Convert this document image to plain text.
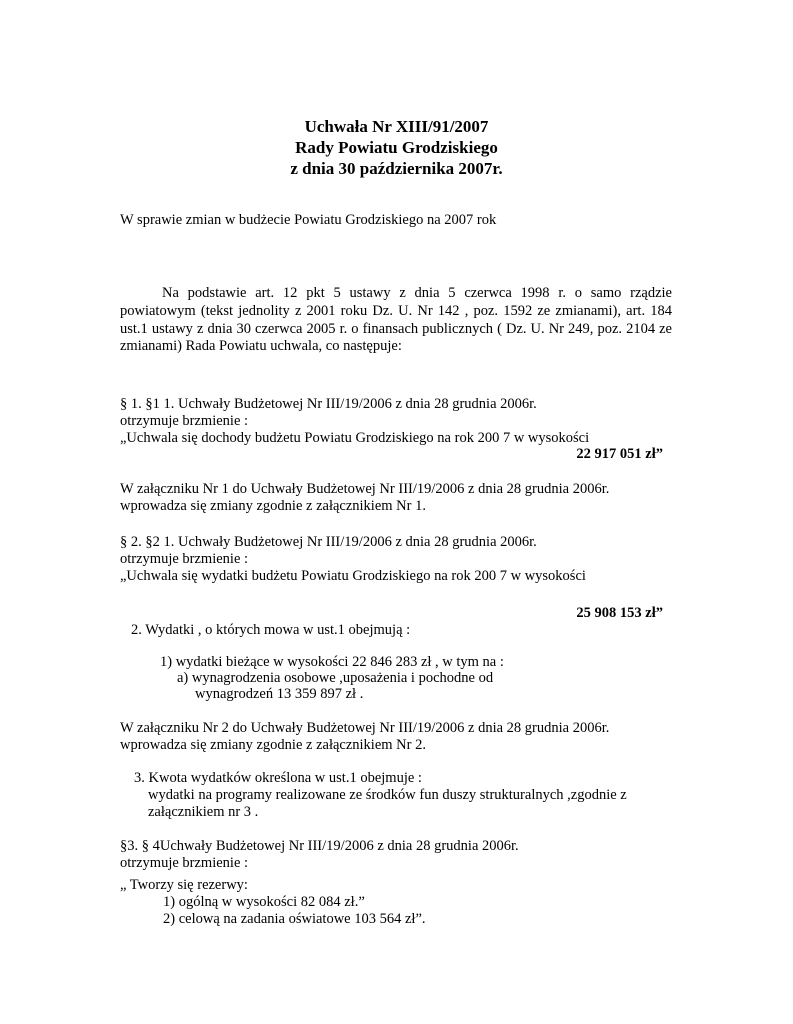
Uchwała Nr XIII/91/2007
Rady Powiatu Grodziskiego
z dnia 30 października 2007r.
W sprawie zmian w budżecie Powiatu Grodziskiego na 2007 rok
Na podstawie art. 12 pkt 5 ustawy z dnia 5 czerwca 1998 r. o samo rządzie
powiatowym (tekst jednolity z 2001 roku Dz. U. Nr 142 , poz. 1592 ze zmianami), art. 184
ust.1 ustawy z dnia 30 czerwca 2005 r. o finansach publicznych ( Dz. U. Nr 249, poz. 2104 ze
zmianami) Rada Powiatu uchwala, co następuje:
§ 1. §1 1. Uchwały Budżetowej Nr III/19/2006 z dnia 28 grudnia 2006r.
otrzymuje brzmienie :
„Uchwala się dochody budżetu Powiatu Grodziskiego na rok 200 7 w wysokości
22 917 051 zł”
W załączniku Nr 1 do Uchwały Budżetowej Nr III/19/2006 z dnia 28 grudnia 2006r.
wprowadza się zmiany zgodnie z załącznikiem Nr 1.
§ 2. §2 1. Uchwały Budżetowej Nr III/19/2006 z dnia 28 grudnia 2006r.
otrzymuje brzmienie :
„Uchwala się wydatki budżetu Powiatu Grodziskiego na rok 200 7 w wysokości
25 908 153 zł”
2. Wydatki , o których mowa w ust.1 obejmują :
1) wydatki bieżące w wysokości 22 846 283 zł , w tym na :
a) wynagrodzenia osobowe ,uposażenia i pochodne od
wynagrodzeń 13 359 897 zł .
W załączniku Nr 2 do Uchwały Budżetowej Nr III/19/2006 z dnia 28 grudnia 2006r.
wprowadza się zmiany zgodnie z załącznikiem Nr 2.
3. Kwota wydatków określona w ust.1 obejmuje :
wydatki na programy realizowane ze środków fun duszy strukturalnych ,zgodnie z
załącznikiem nr 3 .
§3. § 4Uchwały Budżetowej Nr III/19/2006 z dnia 28 grudnia 2006r.
otrzymuje brzmienie :
„ Tworzy się rezerwy:
1) ogólną w wysokości 82 084 zł.”
2) celową na zadania oświatowe 103 564 zł”.
